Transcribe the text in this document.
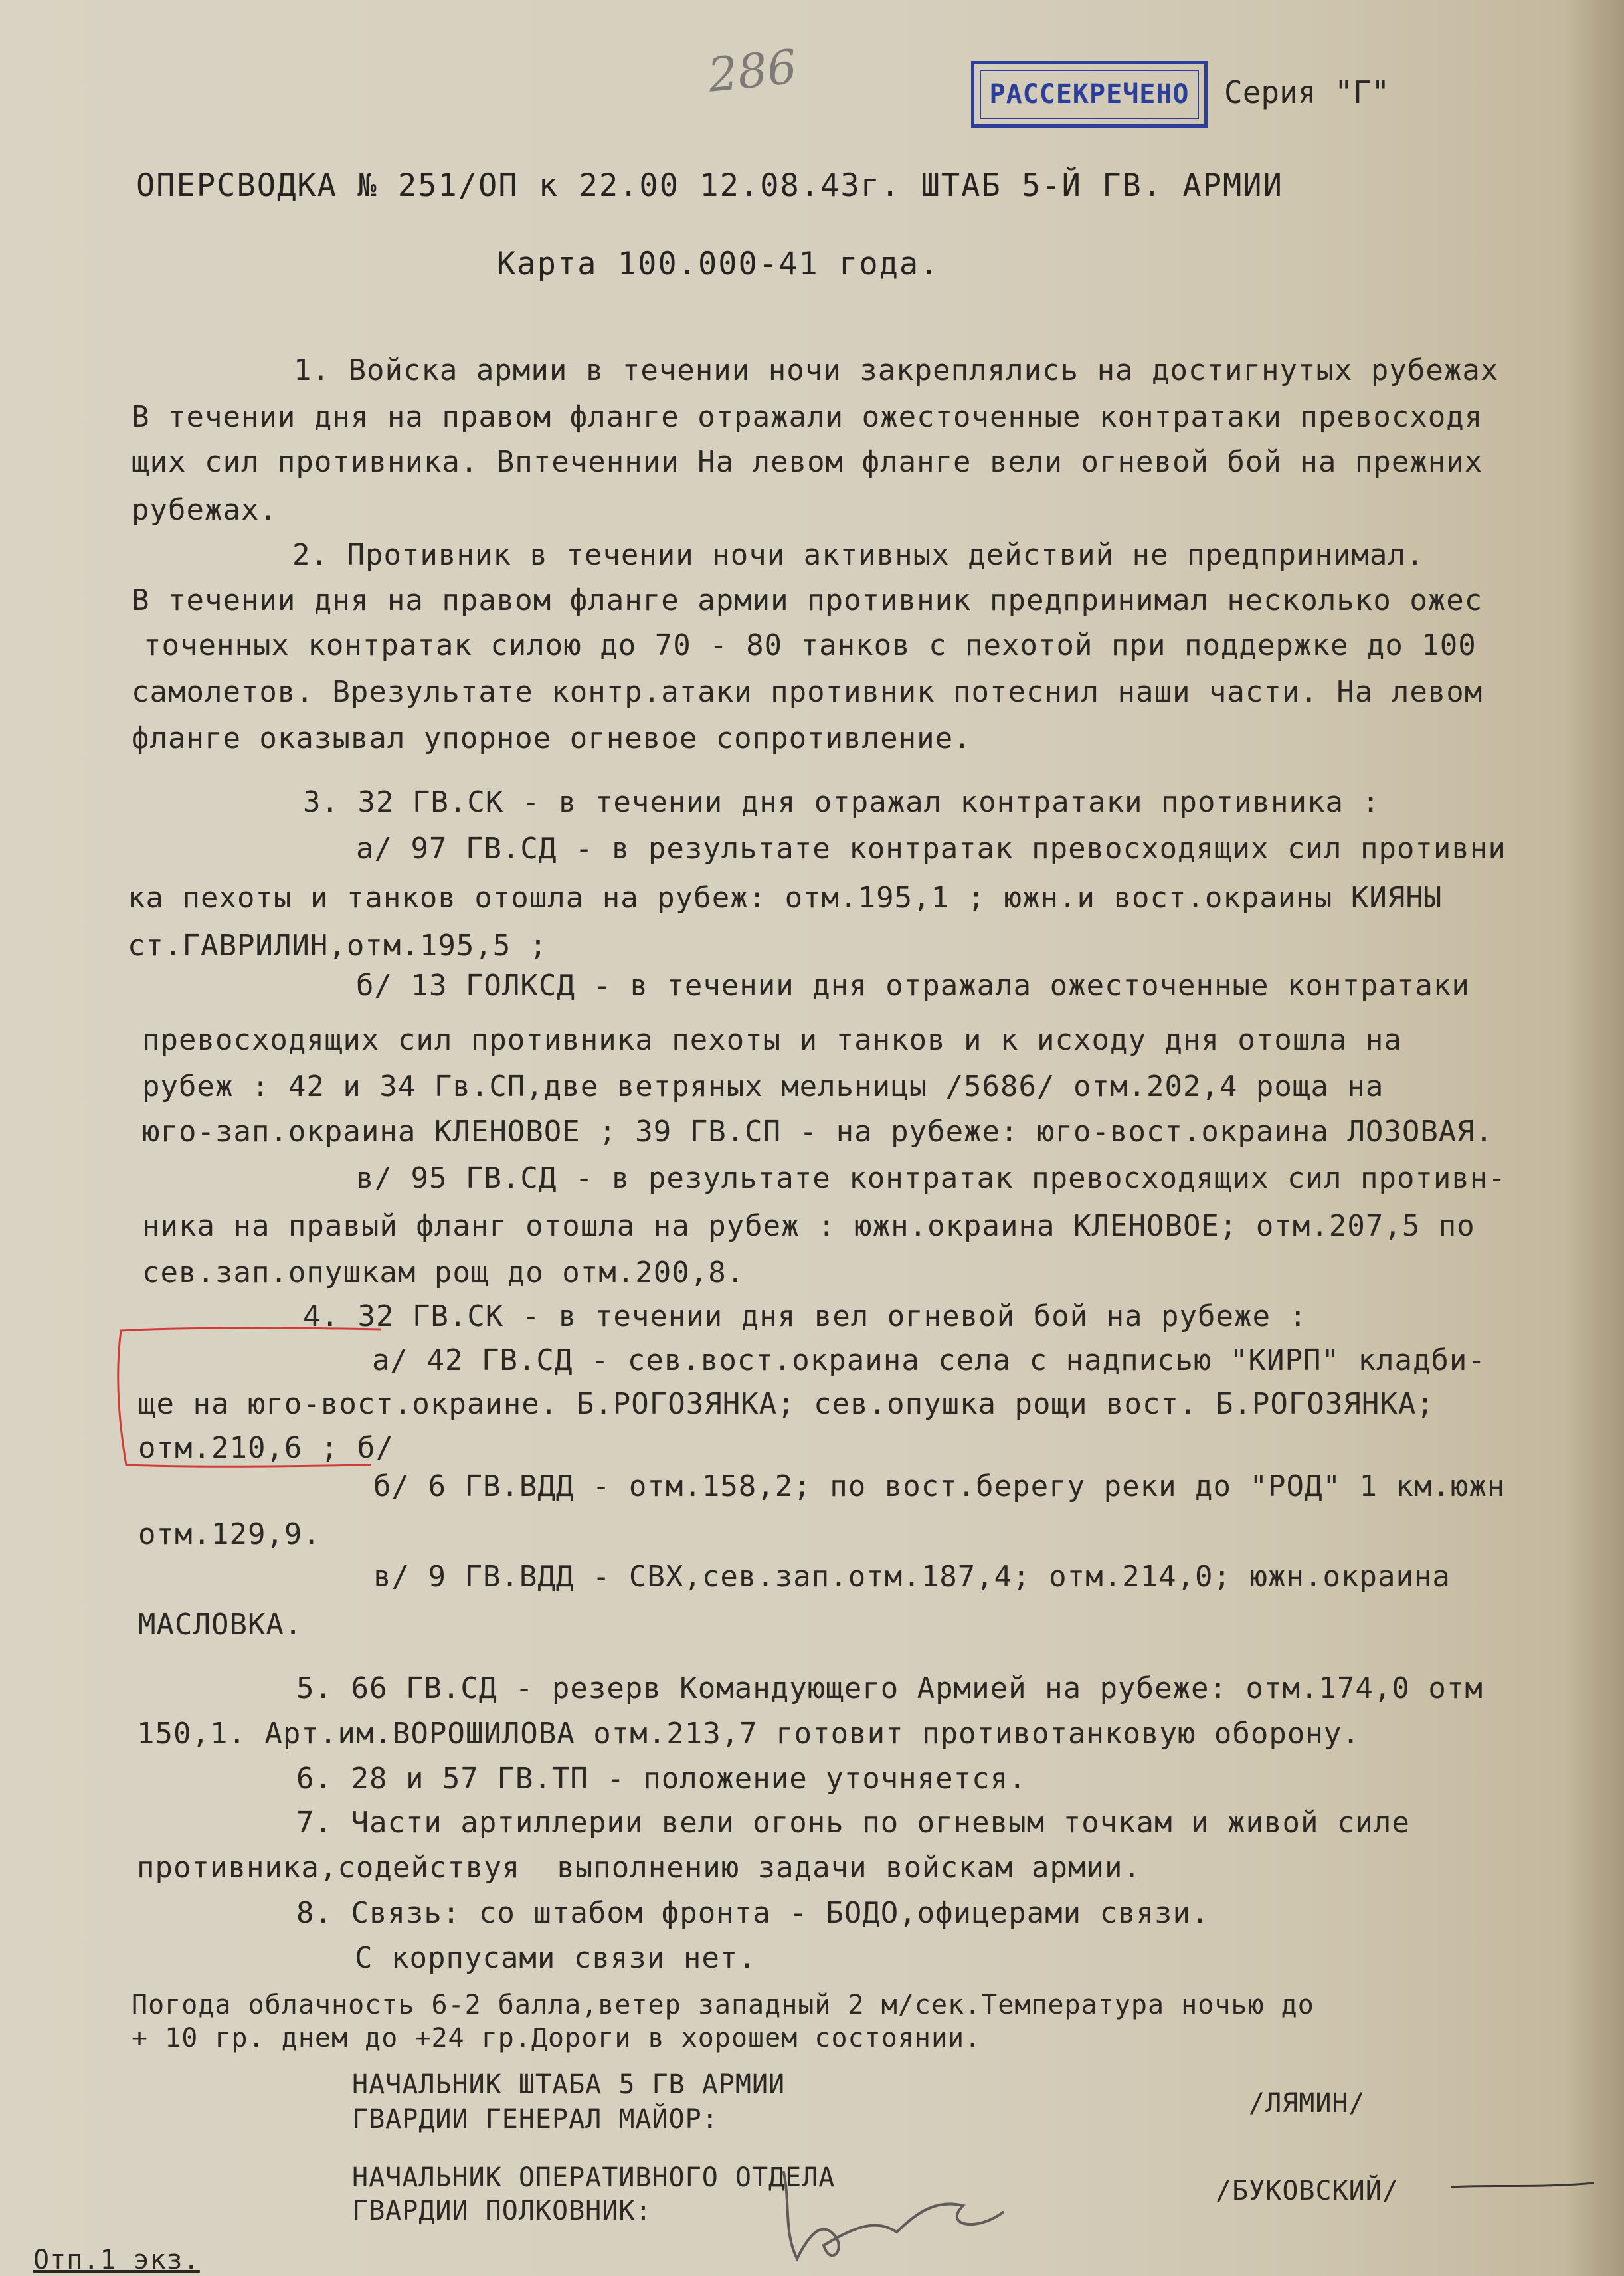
286	РАССЕКРЕЧЕНО Серия "Г"
ОПЕРСВОДКА № 251/ОП к 22.00 12.08.43г. ШТАБ 5-Й ГВ. АРМИИ
Карта 100.000-41 года.
1. Войска армии в течении ночи закреплялись на достигнутых рубежах
В течении дня на правом фланге отражали ожесточенные контратаки превосходя
щих сил противника. Вптеченнии На левом фланге вели огневой бой на прежних
рубежах.
2. Противник в течении ночи активных действий не предпринимал.
В течении дня на правом фланге армии противник предпринимал несколько ожес
точенных контратак силою до 70 - 80 танков с пехотой при поддержке до 100
самолетов. Врезультате контр.атаки противник потеснил наши части. На левом
фланге оказывал упорное огневое сопротивление.
3. 32 ГВ.СК - в течении дня отражал контратаки противника :
а/ 97 ГВ.СД - в результате контратак превосходящих сил противни
ка пехоты и танков отошла на рубеж: отм.195,1 ; южн.и вост.окраины КИЯНЫ
ст.ГАВРИЛИН,отм.195,5 ;
б/ 13 ГОЛКСД - в течении дня отражала ожесточенные контратаки
превосходящих сил противника пехоты и танков и к исходу дня отошла на
рубеж : 42 и 34 Гв.СП,две ветряных мельницы /5686/ отм.202,4 роща на
юго-зап.окраина КЛЕНОВОЕ ; 39 ГВ.СП - на рубеже: юго-вост.окраина ЛОЗОВАЯ.
в/ 95 ГВ.СД - в результате контратак превосходящих сил противн-
ника на правый фланг отошла на рубеж : южн.окраина КЛЕНОВОЕ; отм.207,5 по
сев.зап.опушкам рощ до отм.200,8.
4. 32 ГВ.СК - в течении дня вел огневой бой на рубеже :
а/ 42 ГВ.СД - сев.вост.окраина села с надписью "КИРП" кладби-
ще на юго-вост.окраине. Б.РОГОЗЯНКА; сев.опушка рощи вост. Б.РОГОЗЯНКА;
отм.210,6 ; б/
б/ 6 ГВ.ВДД - отм.158,2; по вост.берегу реки до "РОД" 1 км.южн
отм.129,9.
в/ 9 ГВ.ВДД - СВХ,сев.зап.отм.187,4; отм.214,0; южн.окраина
МАСЛОВКА.
5. 66 ГВ.СД - резерв Командующего Армией на рубеже: отм.174,0 отм
150,1. Арт.им.ВОРОШИЛОВА отм.213,7 готовит противотанковую оборону.
6. 28 и 57 ГВ.ТП - положение уточняется.
7. Части артиллерии вели огонь по огневым точкам и живой силе
противника,содействуя  выполнению задачи войскам армии.
8. Связь: со штабом фронта - БОДО,офицерами связи.
С корпусами связи нет.
Погода облачность 6-2 балла,ветер западный 2 м/сек.Температура ночью до
+ 10 гр. днем до +24 гр.Дороги в хорошем состоянии.
НАЧАЛЬНИК ШТАБА 5 ГВ АРМИИ
ГВАРДИИ ГЕНЕРАЛ МАЙОР:
/ЛЯМИН/
НАЧАЛЬНИК ОПЕРАТИВНОГО ОТДЕЛА
ГВАРДИИ ПОЛКОВНИК:
/БУКОВСКИЙ/
Отп.1 экз.
